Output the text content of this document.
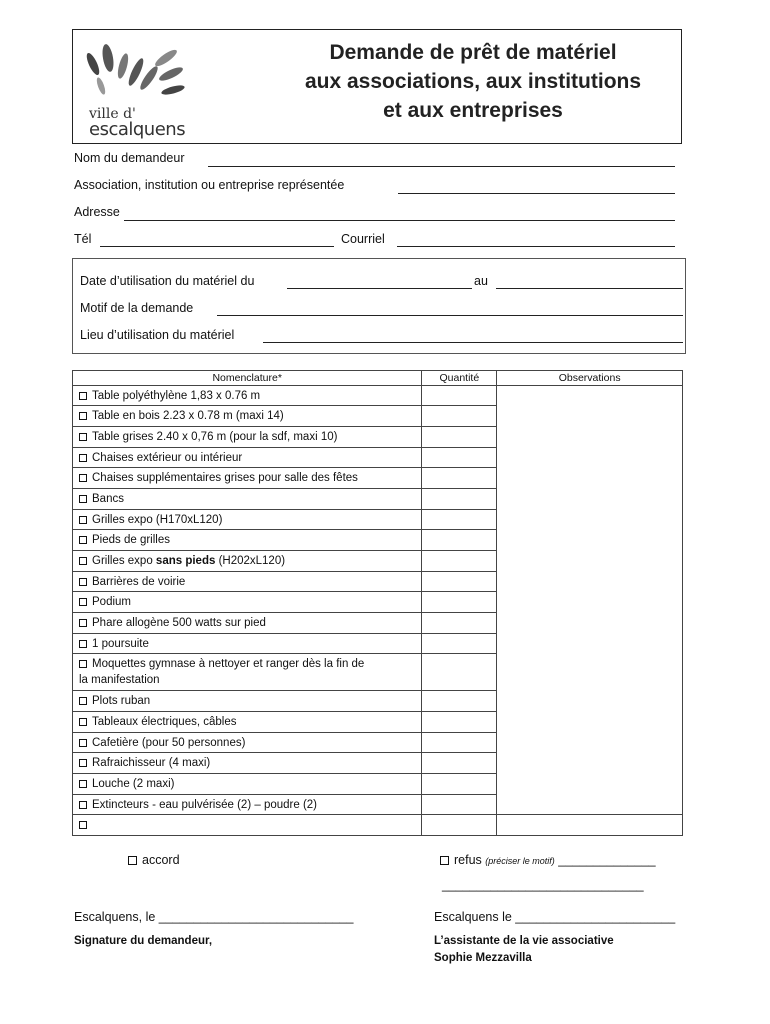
ville d'
escalquens
Demande de prêt de matériel
aux associations, aux institutions
et aux entreprises
Nom du demandeur
Association, institution ou entreprise représentée
Adresse
Tél	Courriel
Date d’utilisation du matériel du	au
Motif de la demande
Lieu d’utilisation du matériel
Nomenclature*	Quantité	Observations
Table polyéthylène 1,83 x 0.76 m		
Table en bois 2.23 x 0.78 m (maxi 14)		
Table grises 2.40 x 0,76 m (pour la sdf, maxi 10)		
Chaises extérieur ou intérieur		
Chaises supplémentaires grises pour salle des fêtes		
Bancs		
Grilles expo (H170xL120)		
Pieds de grilles		
Grilles expo sans pieds (H202xL120)		
Barrières de voirie		
Podium		
Phare allogène 500 watts sur pied		
1 poursuite		
Moquettes gymnase à nettoyer et ranger dès la fin de
la manifestation		
Plots ruban		
Tableaux électriques, câbles		
Cafetière (pour 50 personnes)		
Rafraichisseur (4 maxi)		
Louche (2 maxi)		
Extincteurs - eau pulvérisée (2) – poudre (2)		

accord	refus (préciser le motif) ______________
_____________________________
Escalquens, le ____________________________	Escalquens le _______________________
Signature du demandeur,	L’assistante de la vie associative
Sophie Mezzavilla
